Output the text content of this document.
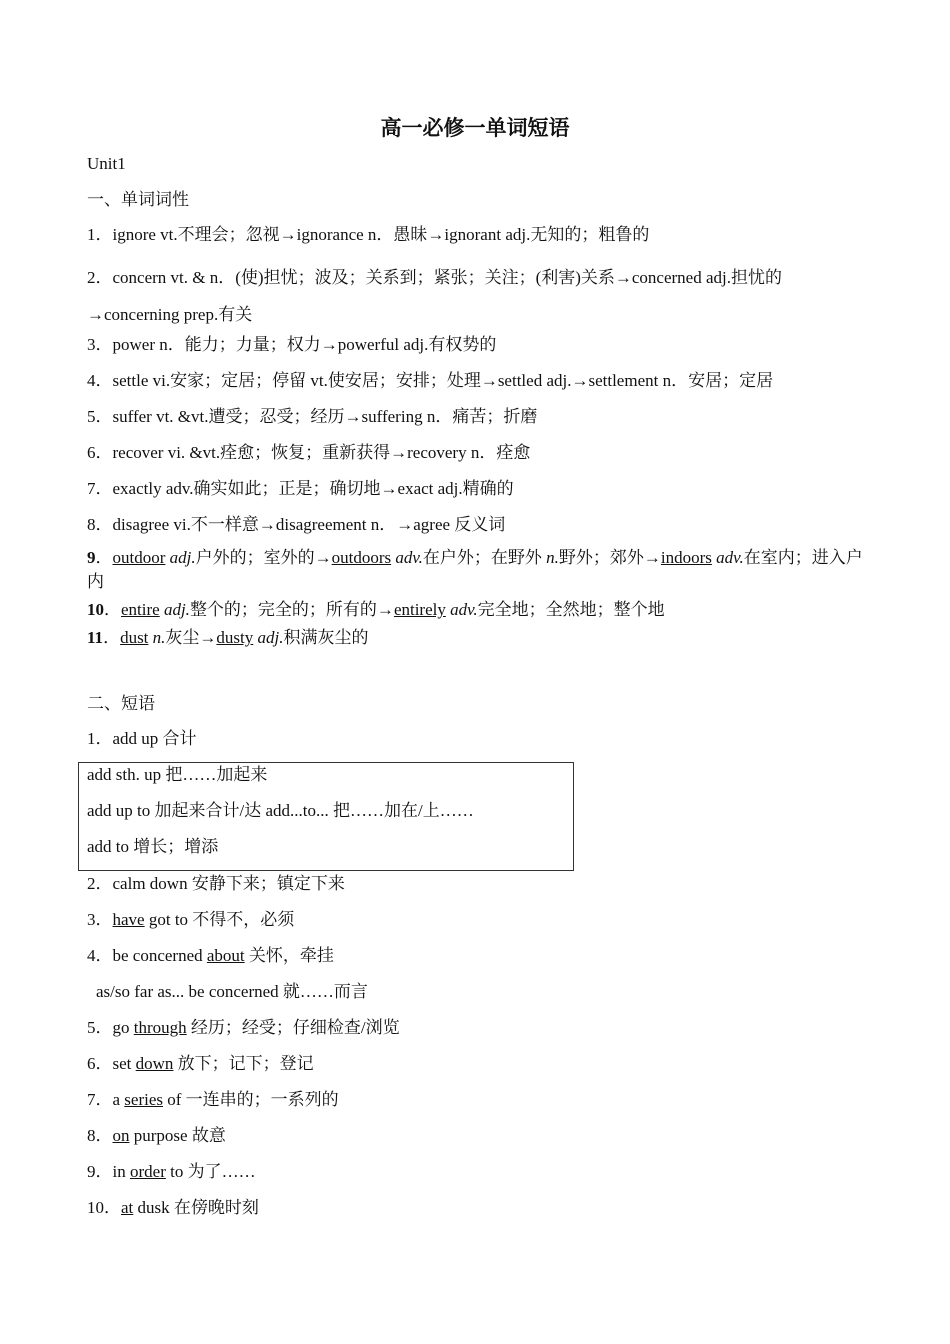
高一必修一单词短语
Unit1
一、单词词性
1．ignore vt.不理会；忽视→ignorance n．愚昧→ignorant adj.无知的；粗鲁的
2．concern vt. & n．(使)担忧；波及；关系到；紧张；关注；(利害)关系→concerned adj.担忧的→concerning prep.有关
3．power n．能力；力量；权力→powerful adj.有权势的
4．settle vi.安家；定居；停留 vt.使安居；安排；处理→settled adj.→settlement n．安居；定居
5．suffer vt. &vt.遭受；忍受；经历→suffering n．痛苦；折磨
6．recover vi. &vt.痊愈；恢复；重新获得→recovery n．痊愈
7．exactly adv.确实如此；正是；确切地→exact adj.精确的
8．disagree vi.不一样意→disagreement n．→agree 反义词
9．outdoor adj.户外的；室外的→outdoors adv.在户外；在野外 n.野外；郊外→indoors adv.在室内；进入户内
10．entire adj.整个的；完全的；所有的→entirely adv.完全地；全然地；整个地
11．dust n.灰尘→dusty adj.积满灰尘的
二、短语
1．add up 合计
add sth. up 把……加起来
add up to 加起来合计/达 add...to... 把……加在/上……
add to 增长；增添
2．calm down 安静下来；镇定下来
3．have got to 不得不，必须
4．be concerned about 关怀，牵挂
as/so far as... be concerned 就……而言
5．go through 经历；经受；仔细检查/浏览
6．set down 放下；记下；登记
7．a series of 一连串的；一系列的
8．on purpose 故意
9．in order to 为了……
10．at dusk 在傍晚时刻
